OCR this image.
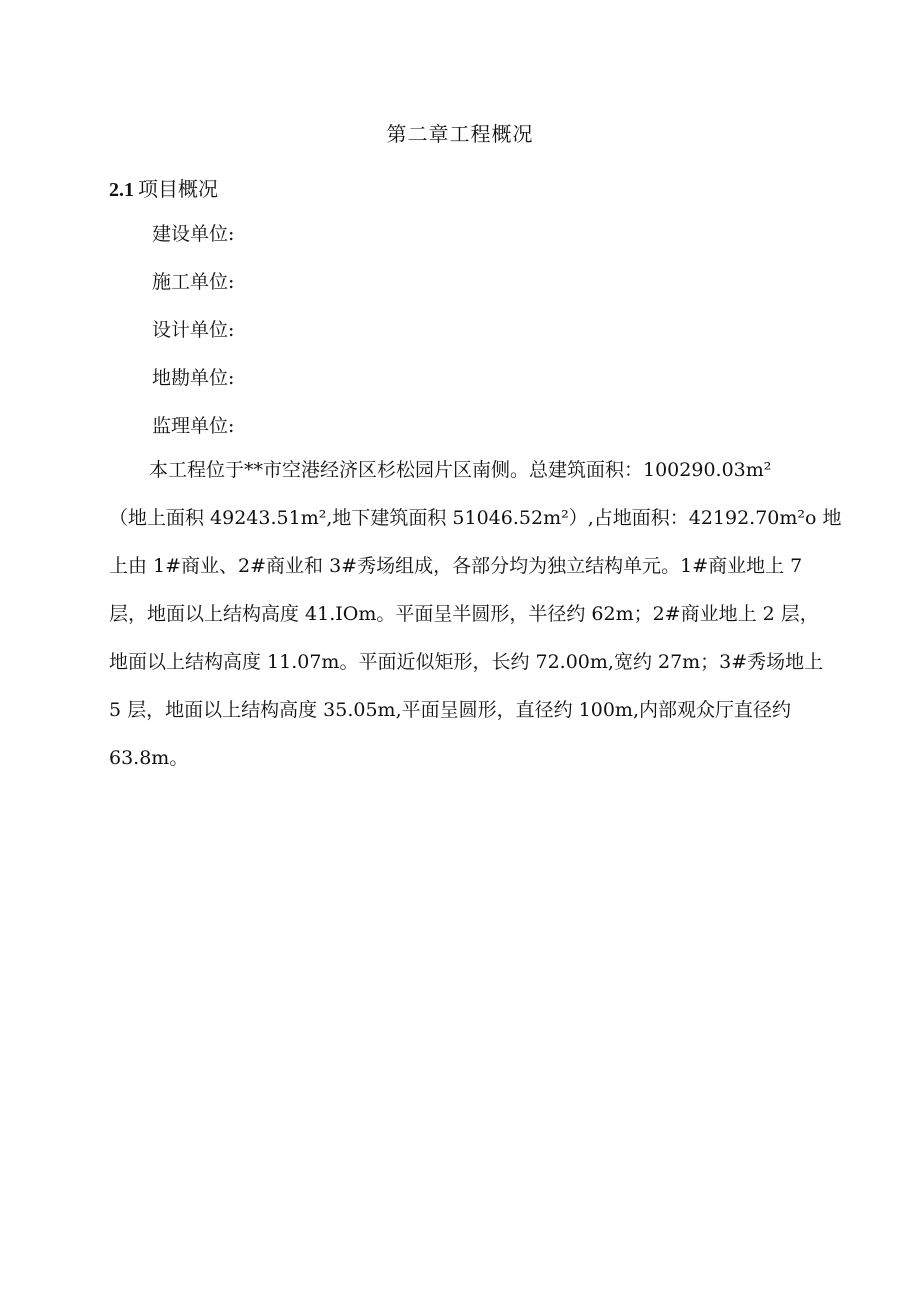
第二章工程概况
2.1 项目概况
建设单位:
施工单位:
设计单位:
地勘单位:
监理单位:
本工程位于**市空港经济区杉松园片区南侧。总建筑面积：100290.03m²
（地上面积 49243.51m²,地下建筑面积 51046.52m²）,占地面积：42192.70m²o 地
上由 1#商业、2#商业和 3#秀场组成，各部分均为独立结构单元。1#商业地上 7
层，地面以上结构高度 41.IOm。平面呈半圆形，半径约 62m；2#商业地上 2 层，
地面以上结构高度 11.07m。平面近似矩形，长约 72.00m,宽约 27m；3#秀场地上
5 层，地面以上结构高度 35.05m,平面呈圆形，直径约 100m,内部观众厅直径约
63.8m。
